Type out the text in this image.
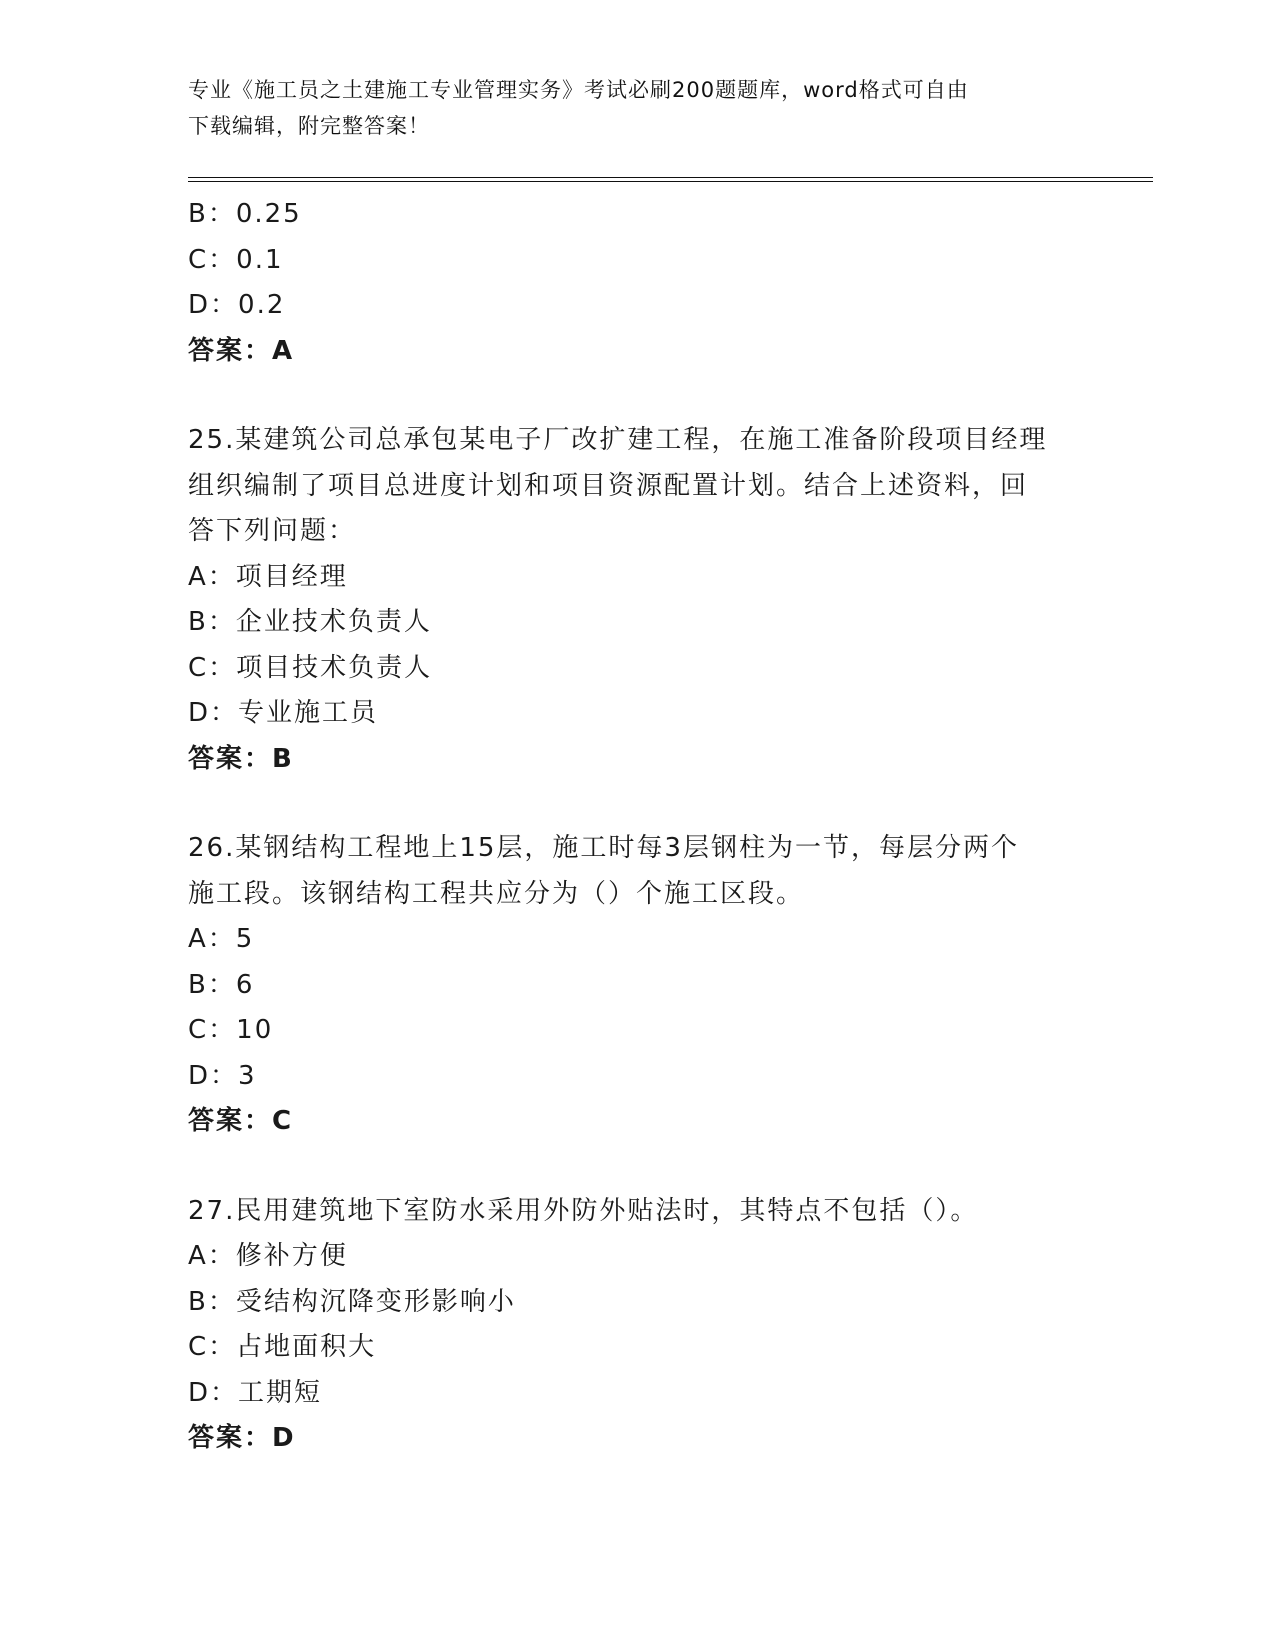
专业《施工员之土建施工专业管理实务》考试必刷200题题库，word格式可自由
下载编辑，附完整答案！
B：0.25
C：0.1
D：0.2
答案：A
25.某建筑公司总承包某电子厂改扩建工程，在施工准备阶段项目经理
组织编制了项目总进度计划和项目资源配置计划。结合上述资料，回
答下列问题：
A：项目经理
B：企业技术负责人
C：项目技术负责人
D：专业施工员
答案：B
26.某钢结构工程地上15层，施工时每3层钢柱为一节，每层分两个
施工段。该钢结构工程共应分为（）个施工区段。
A：5
B：6
C：10
D：3
答案：C
27.民用建筑地下室防水采用外防外贴法时，其特点不包括（）。
A：修补方便
B：受结构沉降变形影响小
C：占地面积大
D：工期短
答案：D
